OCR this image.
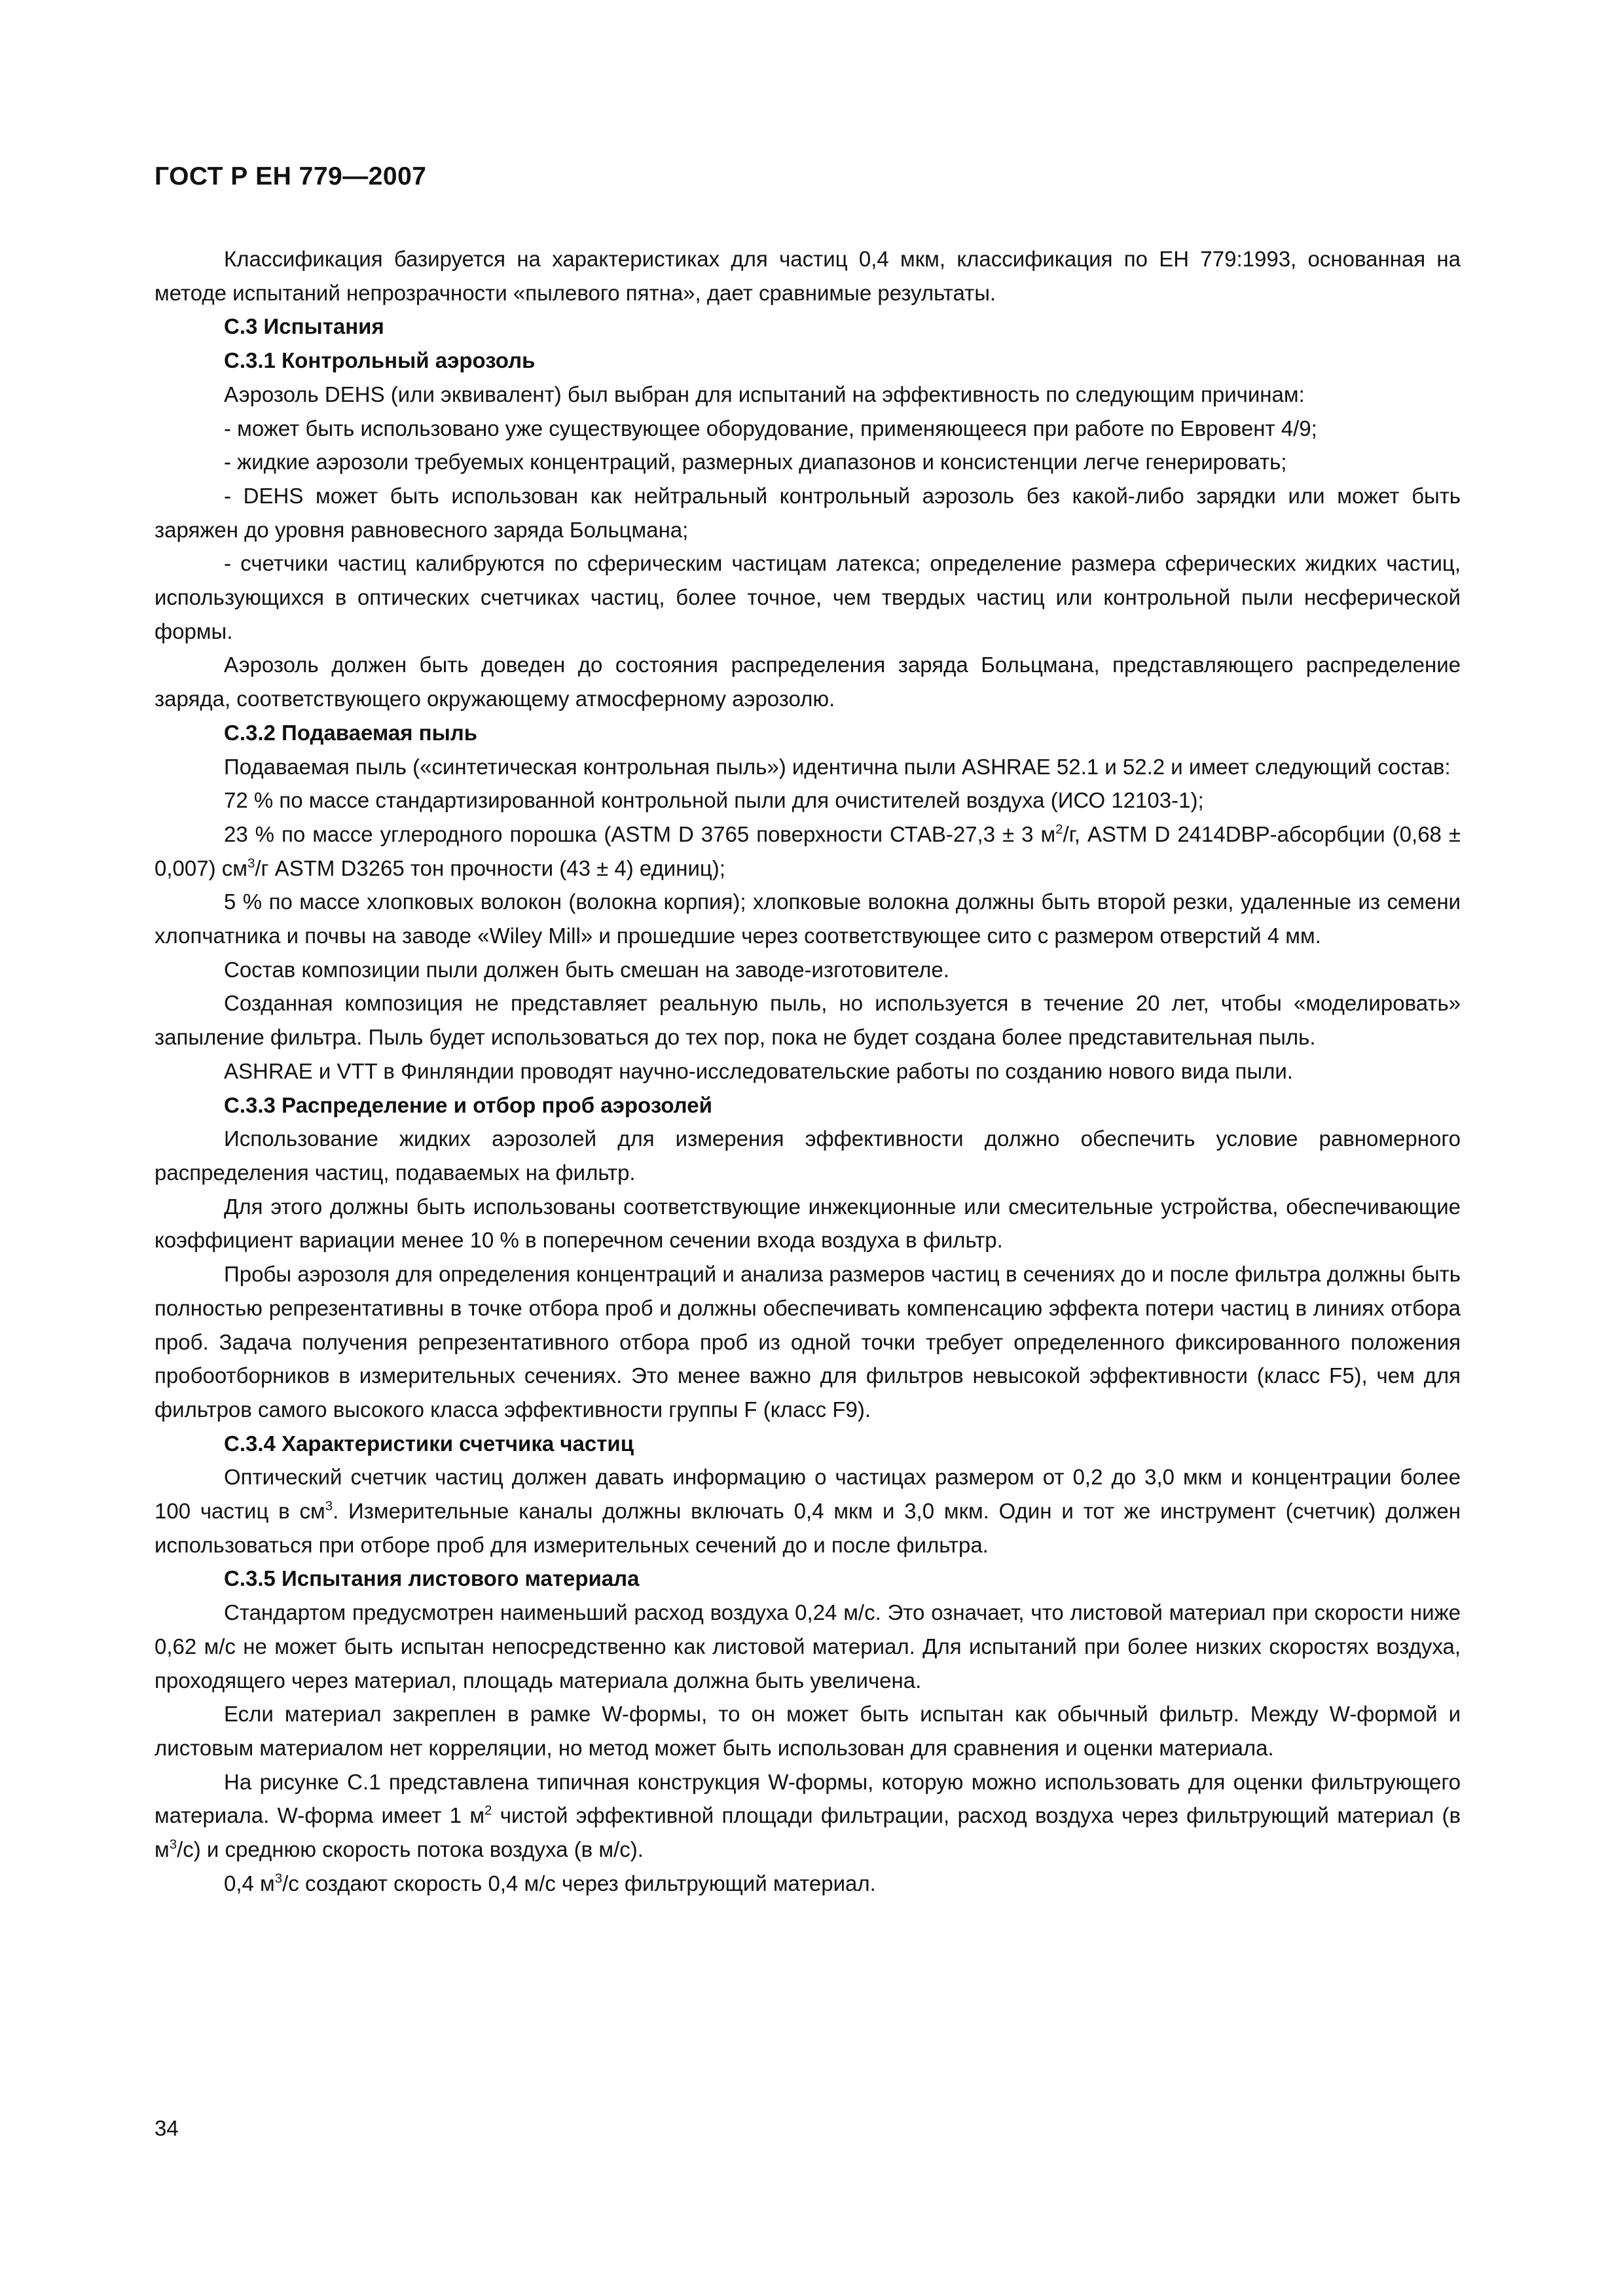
ГОСТ Р ЕН 779—2007

Классификация базируется на характеристиках для частиц 0,4 мкм, классификация по ЕН 779:1993, основанная на методе испытаний непрозрачности «пылевого пятна», дает сравнимые результаты.

С.3 Испытания

С.3.1 Контрольный аэрозоль

Аэрозоль DEHS (или эквивалент) был выбран для испытаний на эффективность по следующим причинам:

- может быть использовано уже существующее оборудование, применяющееся при работе по Евровент 4/9;

- жидкие аэрозоли требуемых концентраций, размерных диапазонов и консистенции легче генерировать;

- DEHS может быть использован как нейтральный контрольный аэрозоль без какой-либо зарядки или может быть заряжен до уровня равновесного заряда Больцмана;

- счетчики частиц калибруются по сферическим частицам латекса; определение размера сферических жидких частиц, использующихся в оптических счетчиках частиц, более точное, чем твердых частиц или контрольной пыли несферической формы.

Аэрозоль должен быть доведен до состояния распределения заряда Больцмана, представляющего распределение заряда, соответствующего окружающему атмосферному аэрозолю.

С.3.2 Подаваемая пыль

Подаваемая пыль («синтетическая контрольная пыль») идентична пыли ASHRAE 52.1 и 52.2 и имеет следующий состав:

72 % по массе стандартизированной контрольной пыли для очистителей воздуха (ИСО 12103-1);

23 % по массе углеродного порошка (ASTM D 3765 поверхности СТАВ-27,3 ± 3 $м^2/г$, ASTM D 2414DBP-абсорбции (0,68 ± 0,007) $см^3/г$ ASTM D3265 тон прочности (43 ± 4) единиц);

5 % по массе хлопковых волокон (волокна корпия); хлопковые волокна должны быть второй резки, удаленные из семени хлопчатника и почвы на заводе «Wiley Mill» и прошедшие через соответствующее сито с размером отверстий 4 мм.

Состав композиции пыли должен быть смешан на заводе-изготовителе.

Созданная композиция не представляет реальную пыль, но используется в течение 20 лет, чтобы «моделировать» запыление фильтра. Пыль будет использоваться до тех пор, пока не будет создана более представительная пыль.

ASHRAE и VTT в Финляндии проводят научно-исследовательские работы по созданию нового вида пыли.

С.3.3 Распределение и отбор проб аэрозолей

Использование жидких аэрозолей для измерения эффективности должно обеспечить условие равномерного распределения частиц, подаваемых на фильтр.

Для этого должны быть использованы соответствующие инжекционные или смесительные устройства, обеспечивающие коэффициент вариации менее 10 % в поперечном сечении входа воздуха в фильтр.

Пробы аэрозоля для определения концентраций и анализа размеров частиц в сечениях до и после фильтра должны быть полностью репрезентативны в точке отбора проб и должны обеспечивать компенсацию эффекта потери частиц в линиях отбора проб. Задача получения репрезентативного отбора проб из одной точки требует определенного фиксированного положения пробоотборников в измерительных сечениях. Это менее важно для фильтров невысокой эффективности (класс F5), чем для фильтров самого высокого класса эффективности группы F (класс F9).

С.3.4 Характеристики счетчика частиц

Оптический счетчик частиц должен давать информацию о частицах размером от 0,2 до 3,0 мкм и концентрации более 100 частиц в $см^3$. Измерительные каналы должны включать 0,4 мкм и 3,0 мкм. Один и тот же инструмент (счетчик) должен использоваться при отборе проб для измерительных сечений до и после фильтра.

С.3.5 Испытания листового материала

Стандартом предусмотрен наименьший расход воздуха 0,24 м/с. Это означает, что листовой материал при скорости ниже 0,62 м/с не может быть испытан непосредственно как листовой материал. Для испытаний при более низких скоростях воздуха, проходящего через материал, площадь материала должна быть увеличена.

Если материал закреплен в рамке W-формы, то он может быть испытан как обычный фильтр. Между W-формой и листовым материалом нет корреляции, но метод может быть использован для сравнения и оценки материала.

На рисунке С.1 представлена типичная конструкция W-формы, которую можно использовать для оценки фильтрующего материала. W-форма имеет 1 $м^2$ чистой эффективной площади фильтрации, расход воздуха через фильтрующий материал (в $м^3/с$) и среднюю скорость потока воздуха (в м/с).

0,4 $м^3/с$ создают скорость 0,4 м/с через фильтрующий материал.

34
